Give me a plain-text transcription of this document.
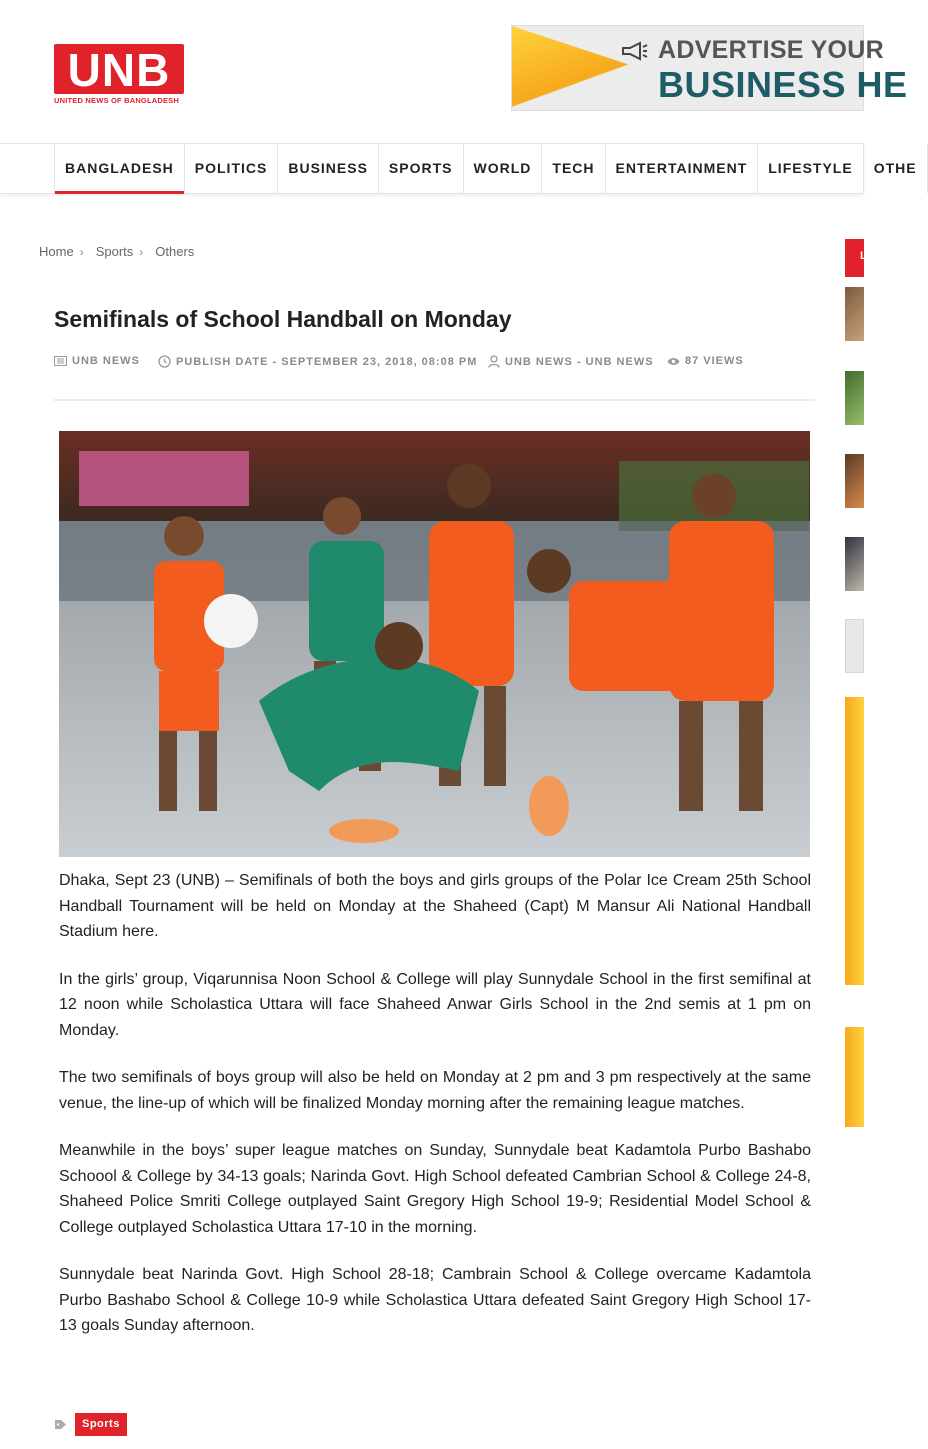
UNB
UNITED NEWS OF BANGLADESH
ADVERTISE YOUR
BUSINESS HE
BANGLADESH	POLITICS	BUSINESS	SPORTS	WORLD	TECH	ENTERTAINMENT	LIFESTYLE	OTHE
Home › Sports › Others
Semifinals of School Handball on Monday
UNB NEWS	PUBLISH DATE - SEPTEMBER 23, 2018, 08:08 PM	UNB NEWS - UNB NEWS	87 VIEWS

Dhaka, Sept 23 (UNB) – Semifinals of both the boys and girls groups of the Polar Ice Cream 25th School Handball Tournament will be held on Monday at the Shaheed (Capt) M Mansur Ali National Handball Stadium here.

In the girls’ group, Viqarunnisa Noon School & College will play Sunnydale School in the first semifinal at 12 noon while Scholastica Uttara will face Shaheed Anwar Girls School in the 2nd semis at 1 pm on Monday.

The two semifinals of boys group will also be held on Monday at 2 pm and 3 pm respectively at the same venue, the line-up of which will be finalized Monday morning after the remaining league matches.

Meanwhile in the boys’ super league matches on Sunday, Sunnydale beat Kadamtola Purbo Bashabo Schoool & College by 34-13 goals; Narinda Govt. High School defeated Cambrian School & College 24-8, Shaheed Police Smriti College outplayed Saint Gregory High School 19-9; Residential Model School & College outplayed Scholastica Uttara 17-10 in the morning.

Sunnydale beat Narinda Govt. High School 28-18; Cambrain School & College overcame Kadamtola Purbo Bashabo School & College 10-9 while Scholastica Uttara defeated Saint Gregory High School 17-13 goals Sunday afternoon.

Sports
L
